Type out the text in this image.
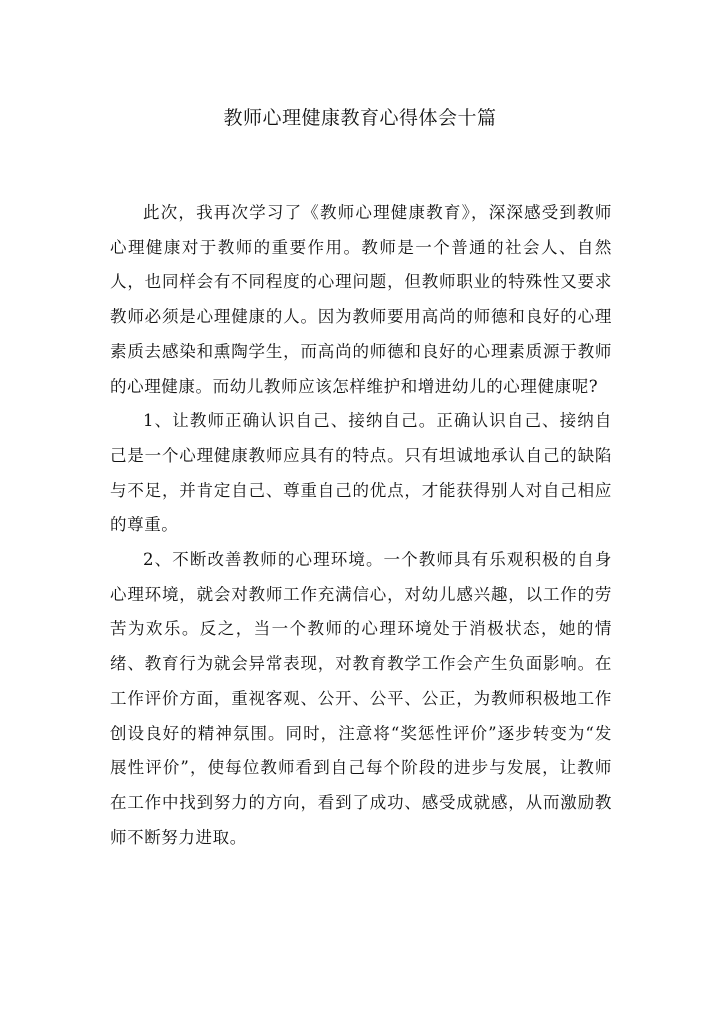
教师心理健康教育心得体会十篇

此次，我再次学习了《教师心理健康教育》，深深感受到教师心理健康对于教师的重要作用。教师是一个普通的社会人、自然人，也同样会有不同程度的心理问题，但教师职业的特殊性又要求教师必须是心理健康的人。因为教师要用高尚的师德和良好的心理素质去感染和熏陶学生，而高尚的师德和良好的心理素质源于教师的心理健康。而幼儿教师应该怎样维护和增进幼儿的心理健康呢?

1、让教师正确认识自己、接纳自己。正确认识自己、接纳自己是一个心理健康教师应具有的特点。只有坦诚地承认自己的缺陷与不足，并肯定自己、尊重自己的优点，才能获得别人对自己相应的尊重。

2、不断改善教师的心理环境。一个教师具有乐观积极的自身心理环境，就会对教师工作充满信心，对幼儿感兴趣，以工作的劳苦为欢乐。反之，当一个教师的心理环境处于消极状态，她的情绪、教育行为就会异常表现，对教育教学工作会产生负面影响。在工作评价方面，重视客观、公开、公平、公正，为教师积极地工作创设良好的精神氛围。同时，注意将“奖惩性评价”逐步转变为“发展性评价”，使每位教师看到自己每个阶段的进步与发展，让教师在工作中找到努力的方向，看到了成功、感受成就感，从而激励教师不断努力进取。
